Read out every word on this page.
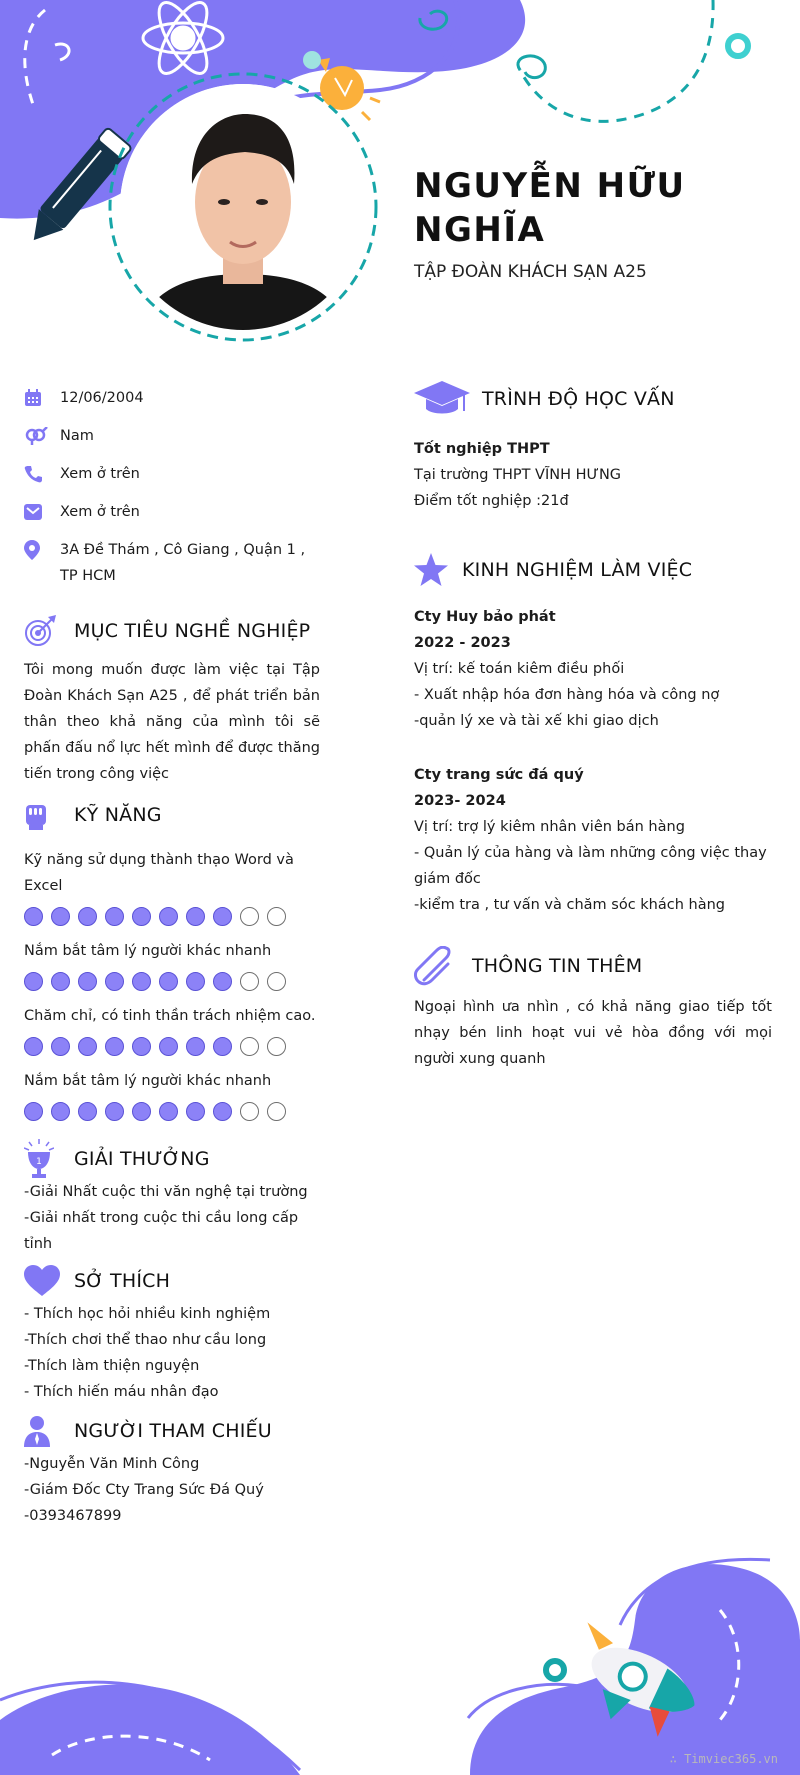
NGUYỄN HỮU NGHĨA
TẬP ĐOÀN KHÁCH SẠN A25
12/06/2004
Nam
Xem ở trên
Xem ở trên
3A Đề Thám , Cô Giang , Quận 1 , TP HCM
MỤC TIÊU NGHỀ NGHIỆP

Tôi mong muốn được làm việc tại Tập Đoàn Khách Sạn A25 , để phát triển bản thân theo khả năng của mình tôi sẽ phấn đấu nổ lực hết mình để được thăng tiến trong công việc

KỸ NĂNG
Kỹ năng sử dụng thành thạo Word và Excel
Nắm bắt tâm lý người khác nhanh
Chăm chỉ, có tinh thần trách nhiệm cao.
Nắm bắt tâm lý người khác nhanh
1 GIẢI THƯỞNG
-Giải Nhất cuộc thi văn nghệ tại trường
-Giải nhất trong cuộc thi cầu long cấp tỉnh
SỞ THÍCH
- Thích học hỏi nhiều kinh nghiệm
-Thích chơi thể thao như cầu long
-Thích làm thiện nguyện
- Thích hiến máu nhân đạo
NGƯỜI THAM CHIẾU
-Nguyễn Văn Minh Công
-Giám Đốc Cty Trang Sức Đá Quý
-0393467899
TRÌNH ĐỘ HỌC VẤN
Tốt nghiệp THPT
Tại trường THPT VĨNH HƯNG
Điểm tốt nghiệp :21đ
KINH NGHIỆM LÀM VIỆC
Cty Huy bảo phát
2022 - 2023
Vị trí: kế toán kiêm điều phối
- Xuất nhập hóa đơn hàng hóa và công nợ
-quản lý xe và tài xế khi giao dịch
Cty trang sức đá quý
2023- 2024
Vị trí: trợ lý kiêm nhân viên bán hàng
- Quản lý của hàng và làm những công việc thay giám đốc
-kiểm tra , tư vấn và chăm sóc khách hàng
THÔNG TIN THÊM

Ngoại hình ưa nhìn , có khả năng giao tiếp tốt nhạy bén linh hoạt vui vẻ hòa đồng với mọi người xung quanh

∴ Timviec365.vn
